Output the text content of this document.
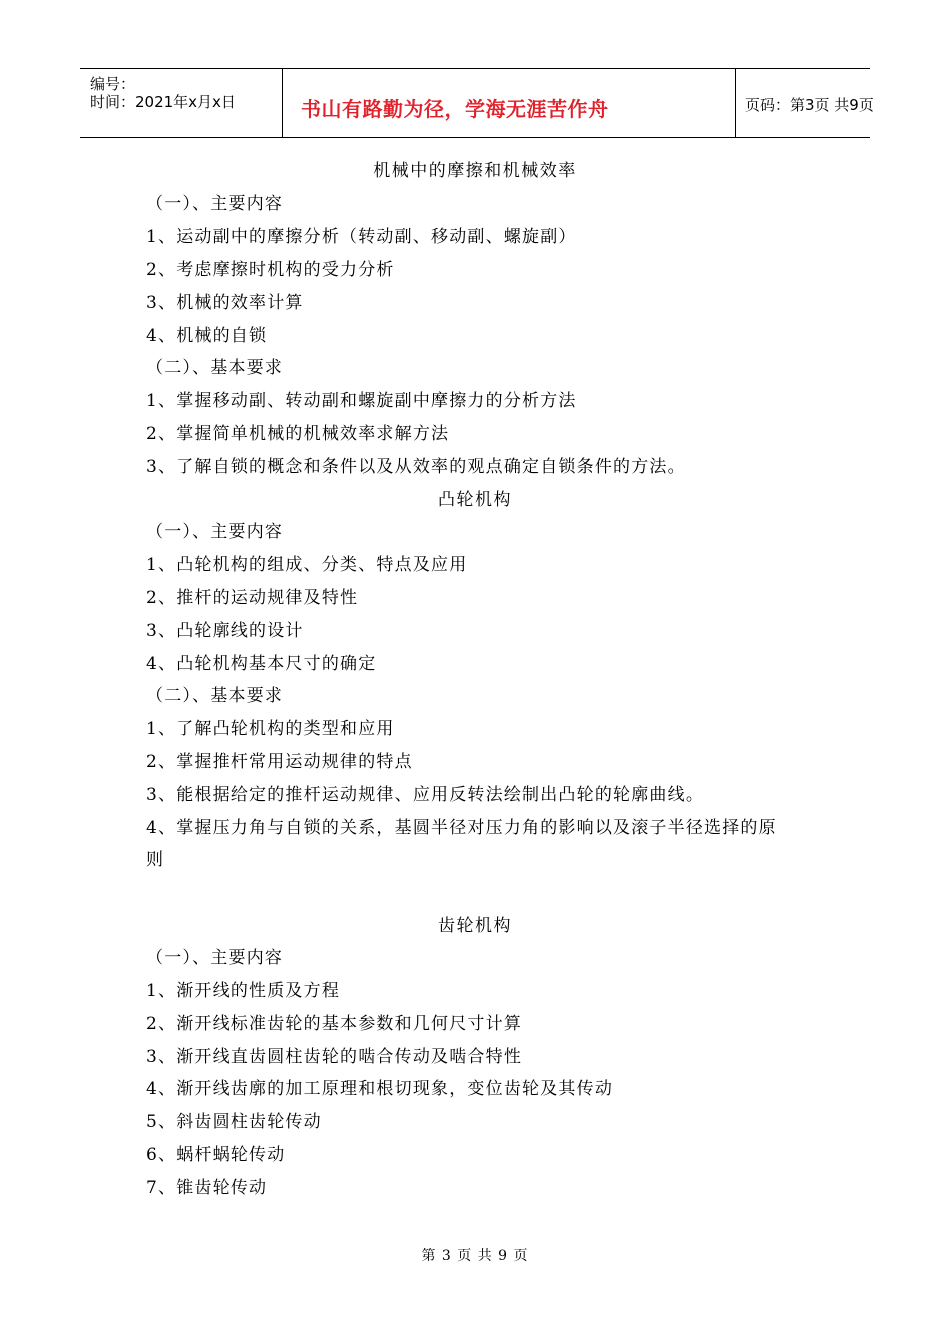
编号：
时间：2021年x月x日	书山有路勤为径，学海无涯苦作舟	页码：第3页 共9页
机械中的摩擦和机械效率
（一）、主要内容
1、运动副中的摩擦分析（转动副、移动副、螺旋副）
2、考虑摩擦时机构的受力分析
3、机械的效率计算
4、机械的自锁
（二）、基本要求
1、掌握移动副、转动副和螺旋副中摩擦力的分析方法
2、掌握简单机械的机械效率求解方法
3、了解自锁的概念和条件以及从效率的观点确定自锁条件的方法。
凸轮机构
（一）、主要内容
1、凸轮机构的组成、分类、特点及应用
2、推杆的运动规律及特性
3、凸轮廓线的设计
4、凸轮机构基本尺寸的确定
（二）、基本要求
1、了解凸轮机构的类型和应用
2、掌握推杆常用运动规律的特点
3、能根据给定的推杆运动规律、应用反转法绘制出凸轮的轮廓曲线。
4、掌握压力角与自锁的关系，基圆半径对压力角的影响以及滚子半径选择的原
则
齿轮机构
（一）、主要内容
1、渐开线的性质及方程
2、渐开线标准齿轮的基本参数和几何尺寸计算
3、渐开线直齿圆柱齿轮的啮合传动及啮合特性
4、渐开线齿廓的加工原理和根切现象，变位齿轮及其传动
5、斜齿圆柱齿轮传动
6、蜗杆蜗轮传动
7、锥齿轮传动
第 3 页 共 9 页
